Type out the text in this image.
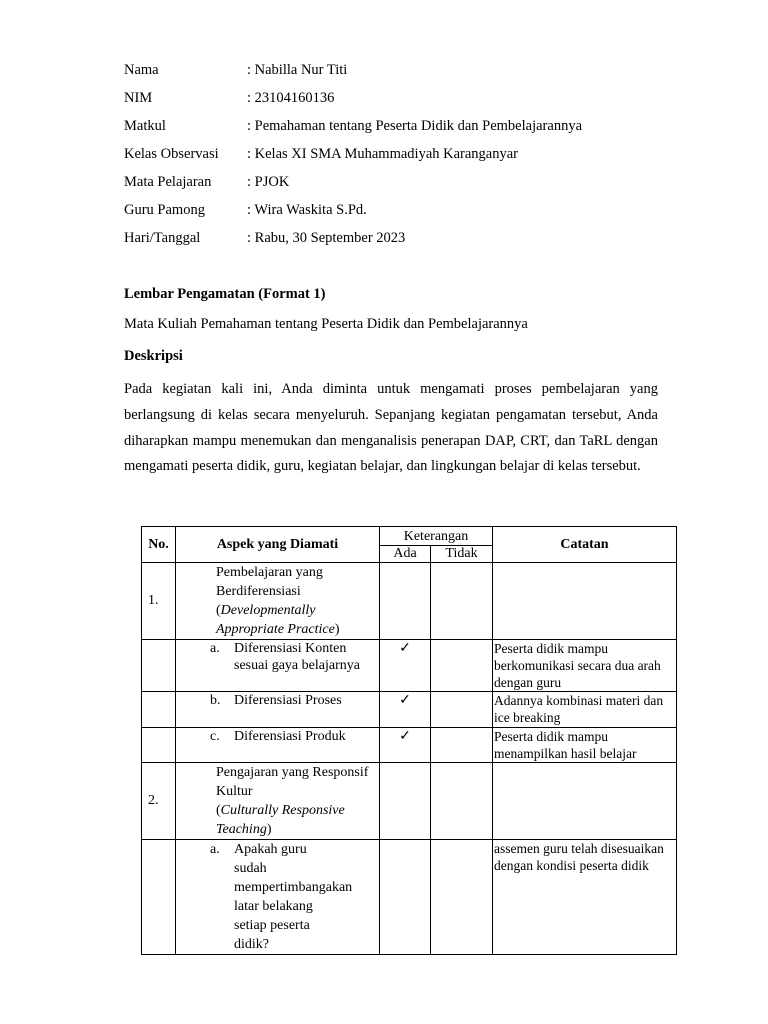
Nama	: Nabilla Nur Titi
NIM	: 23104160136
Matkul	: Pemahaman tentang Peserta Didik dan Pembelajarannya
Kelas Observasi : Kelas XI SMA Muhammadiyah Karanganyar
Mata Pelajaran : PJOK
Guru Pamong	: Wira Waskita S.Pd.
Hari/Tanggal	: Rabu, 30 September 2023
Lembar Pengamatan (Format 1)
Mata Kuliah Pemahaman tentang Peserta Didik dan Pembelajarannya
Deskripsi
Pada kegiatan kali ini, Anda diminta untuk mengamati proses pembelajaran yang berlangsung di kelas secara menyeluruh. Sepanjang kegiatan pengamatan tersebut, Anda diharapkan mampu menemukan dan menganalisis penerapan DAP, CRT, dan TaRL dengan mengamati peserta didik, guru, kegiatan belajar, dan lingkungan belajar di kelas tersebut.
No.	Aspek yang Diamati	Keterangan		Catatan
		Ada	Tidak	
1.	Pembelajaran yang Berdiferensiasi
(Developmentally Appropriate Practice)			

	a. Diferensiasi Konten sesuai gaya belajarnya	✓		Peserta didik mampu berkomunikasi secara dua arah dengan guru

	b. Diferensiasi Proses	✓		Adannya kombinasi materi dan ice breaking

	c. Diferensiasi Produk	✓		Peserta didik mampu menampilkan hasil belajar
2.	Pengajaran yang Responsif Kultur
(Culturally Responsive Teaching)			

	a. Apakah guru sudah mempertimbangakan latar belakang setiap peserta didik?			assemen guru telah disesuaikan dengan kondisi peserta didik
